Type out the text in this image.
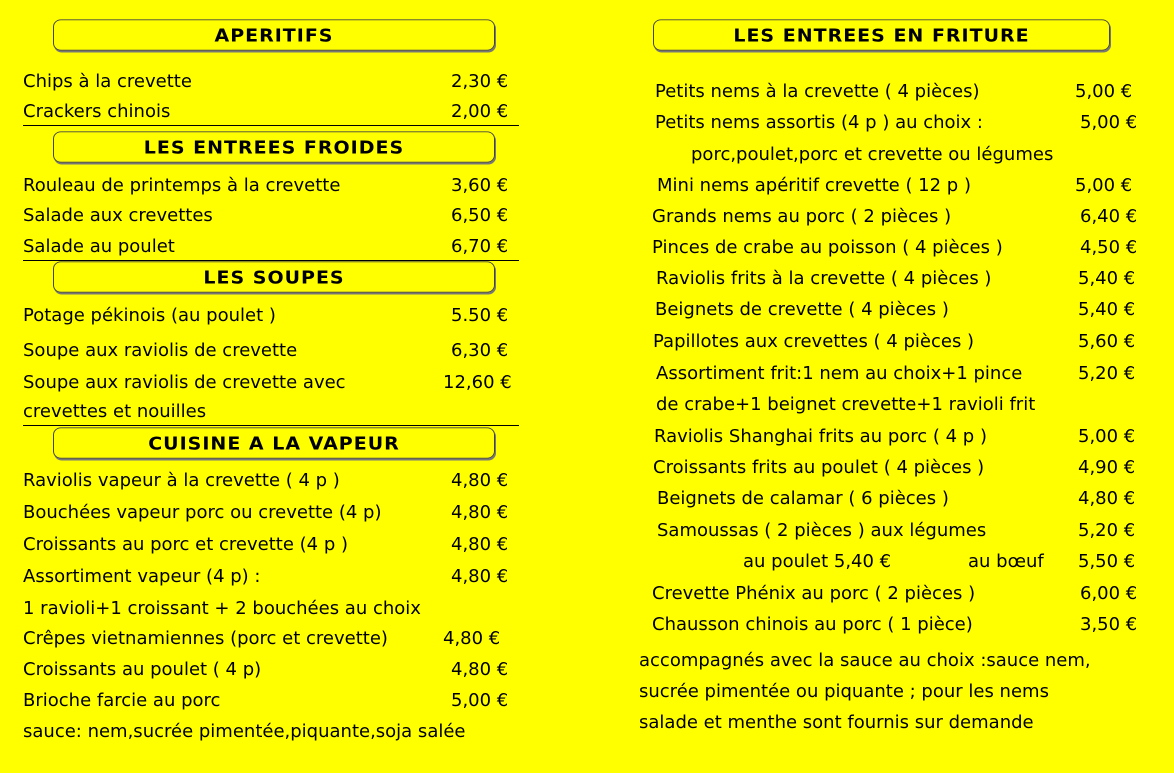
APERITIFS
Chips à la crevette	2,30 €
Crackers chinois	2,00 €
LES ENTREES FROIDES
Rouleau de printemps à la crevette	3,60 €
Salade aux crevettes	6,50 €
Salade au poulet	6,70 €
LES SOUPES
Potage pékinois (au poulet )	5.50 €
Soupe aux raviolis de crevette	6,30 €
Soupe aux raviolis de crevette avec	12,60 €
crevettes et nouilles
CUISINE A LA VAPEUR
Raviolis vapeur à la crevette ( 4 p )	4,80 €
Bouchées vapeur porc ou crevette (4 p)	4,80 €
Croissants au porc et crevette (4 p )	4,80 €
Assortiment vapeur (4 p) :	4,80 €
1 ravioli+1 croissant + 2 bouchées au choix
Crêpes vietnamiennes (porc et crevette)	4,80 €
Croissants au poulet ( 4 p)	4,80 €
Brioche farcie au porc	5,00 €
sauce: nem,sucrée pimentée,piquante,soja salée
LES ENTREES EN FRITURE
Petits nems à la crevette ( 4 pièces)	5,00 €
Petits nems assortis (4 p ) au choix :	5,00 €
porc,poulet,porc et crevette ou légumes
Mini nems apéritif crevette ( 12 p )	5,00 €
Grands nems au porc ( 2 pièces )	6,40 €
Pinces de crabe au poisson ( 4 pièces )	4,50 €
Raviolis frits à la crevette ( 4 pièces )	5,40 €
Beignets de crevette ( 4 pièces )	5,40 €
Papillotes aux crevettes ( 4 pièces )	5,60 €
Assortiment frit:1 nem au choix+1 pince	5,20 €
de crabe+1 beignet crevette+1 ravioli frit
Raviolis Shanghai frits au porc ( 4 p )	5,00 €
Croissants frits au poulet ( 4 pièces )	4,90 €
Beignets de calamar ( 6 pièces )	4,80 €
Samoussas ( 2 pièces ) aux légumes	5,20 €
au poulet 5,40 €	au bœuf 5,50 €
Crevette Phénix au porc ( 2 pièces )	6,00 €
Chausson chinois au porc ( 1 pièce)	3,50 €
accompagnés avec la sauce au choix :sauce nem,
sucrée pimentée ou piquante ; pour les nems
salade et menthe sont fournis sur demande
